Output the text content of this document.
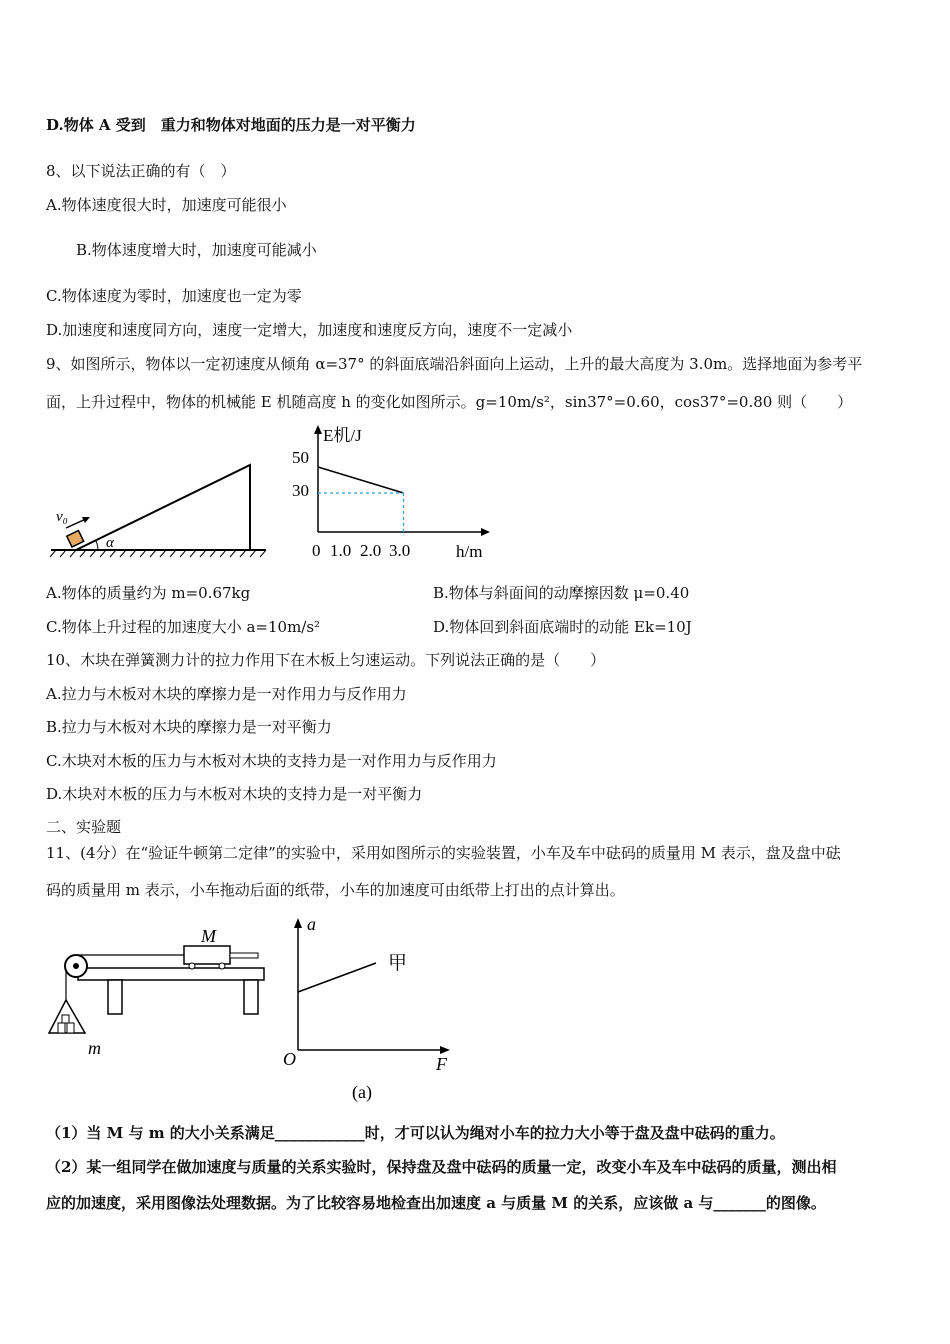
D.物体 A 受到　重力和物体对地面的压力是一对平衡力
8、以下说法正确的有（　）
A.物体速度很大时，加速度可能很小
B.物体速度增大时，加速度可能减小
C.物体速度为零时，加速度也一定为零
D.加速度和速度同方向，速度一定增大，加速度和速度反方向，速度不一定减小
9、如图所示，物体以一定初速度从倾角 α=37° 的斜面底端沿斜面向上运动，上升的最大高度为 3.0m。选择地面为参考平
面，上升过程中，物体的机械能 E 机随高度 h 的变化如图所示。g=10m/s²，sin37°=0.60，cos37°=0.80 则（　　）
v₀
α
E机/J
h/m
50
30
0 1.0 2.0 3.0
A.物体的质量约为 m=0.67kg	B.物体与斜面间的动摩擦因数 μ=0.40
C.物体上升过程的加速度大小 a=10m/s²	D.物体回到斜面底端时的动能 Ek=10J
10、木块在弹簧测力计的拉力作用下在木板上匀速运动。下列说法正确的是（　　）
A.拉力与木板对木块的摩擦力是一对作用力与反作用力
B.拉力与木板对木块的摩擦力是一对平衡力
C.木块对木板的压力与木板对木块的支持力是一对作用力与反作用力
D.木块对木板的压力与木板对木块的支持力是一对平衡力
二、实验题
11、(4分）在“验证牛顿第二定律”的实验中，采用如图所示的实验装置，小车及车中砝码的质量用 M 表示，盘及盘中砝
码的质量用 m 表示，小车拖动后面的纸带，小车的加速度可由纸带上打出的点计算出。
M
m
a
F
O
甲
(a)
（1）当 M 与 m 的大小关系满足____________时，才可以认为绳对小车的拉力大小等于盘及盘中砝码的重力。
（2）某一组同学在做加速度与质量的关系实验时，保持盘及盘中砝码的质量一定，改变小车及车中砝码的质量，测出相
应的加速度，采用图像法处理数据。为了比较容易地检查出加速度 a 与质量 M 的关系，应该做 a 与_______的图像。
